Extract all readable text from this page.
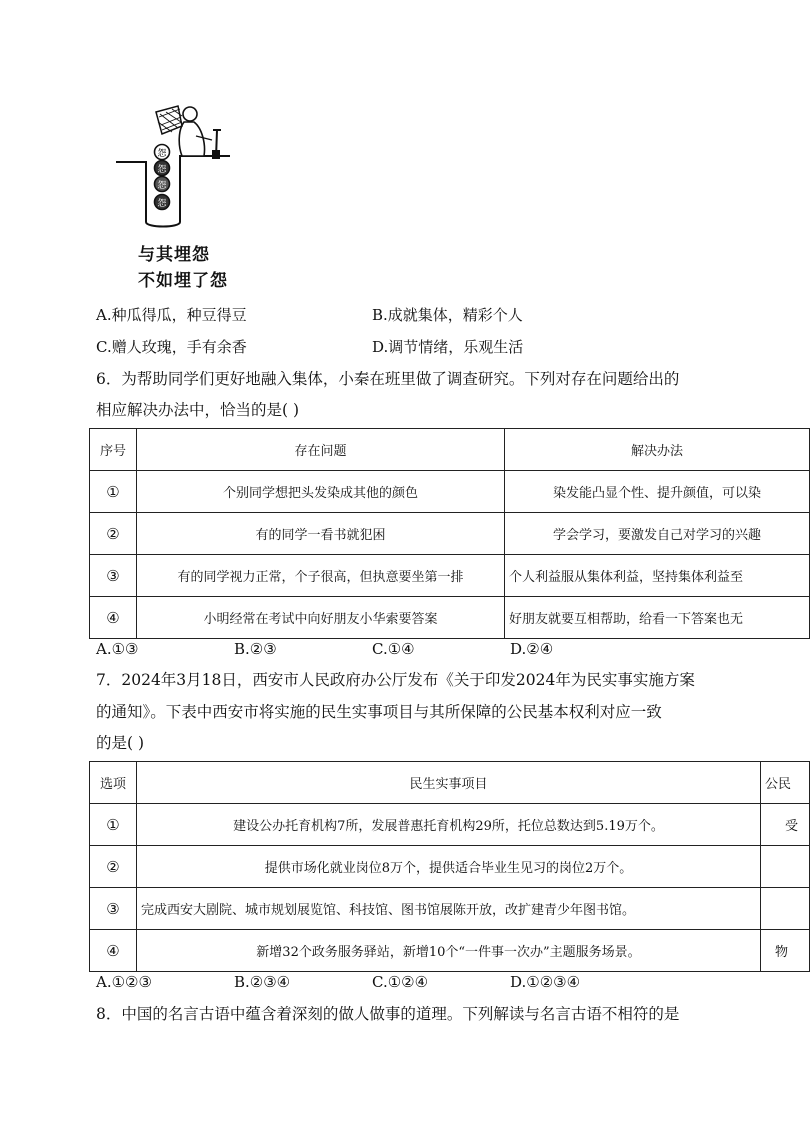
怨
怨
怨
怨
与其埋怨
不如埋了怨
A.种瓜得瓜，种豆得豆	B.成就集体，精彩个人
C.赠人玫瑰，手有余香	D.调节情绪，乐观生活
6．为帮助同学们更好地融入集体，小秦在班里做了调查研究。下列对存在问题给出的
相应解决办法中，恰当的是( )
序号	存在问题	解决办法
①	个别同学想把头发染成其他的颜色	染发能凸显个性、提升颜值，可以染
②	有的同学一看书就犯困	学会学习，要激发自己对学习的兴趣
③	有的同学视力正常，个子很高，但执意要坐第一排	个人利益服从集体利益，坚持集体利益至
④	小明经常在考试中向好朋友小华索要答案	好朋友就要互相帮助，给看一下答案也无
A.①③	B.②③	C.①④	D.②④
7．2024年3月18日，西安市人民政府办公厅发布《关于印发2024年为民实事实施方案
的通知》。下表中西安市将实施的民生实事项目与其所保障的公民基本权利对应一致
的是( )
选项	民生实事项目	公民
①	建设公办托育机构7所，发展普惠托育机构29所，托位总数达到5.19万个。	受
②	提供市场化就业岗位8万个，提供适合毕业生见习的岗位2万个。	
③	完成西安大剧院、城市规划展览馆、科技馆、图书馆展陈开放，改扩建青少年图书馆。	
④	新增32个政务服务驿站，新增10个“一件事一次办”主题服务场景。	物
A.①②③	B.②③④	C.①②④	D.①②③④
8．中国的名言古语中蕴含着深刻的做人做事的道理。下列解读与名言古语不相符的是
